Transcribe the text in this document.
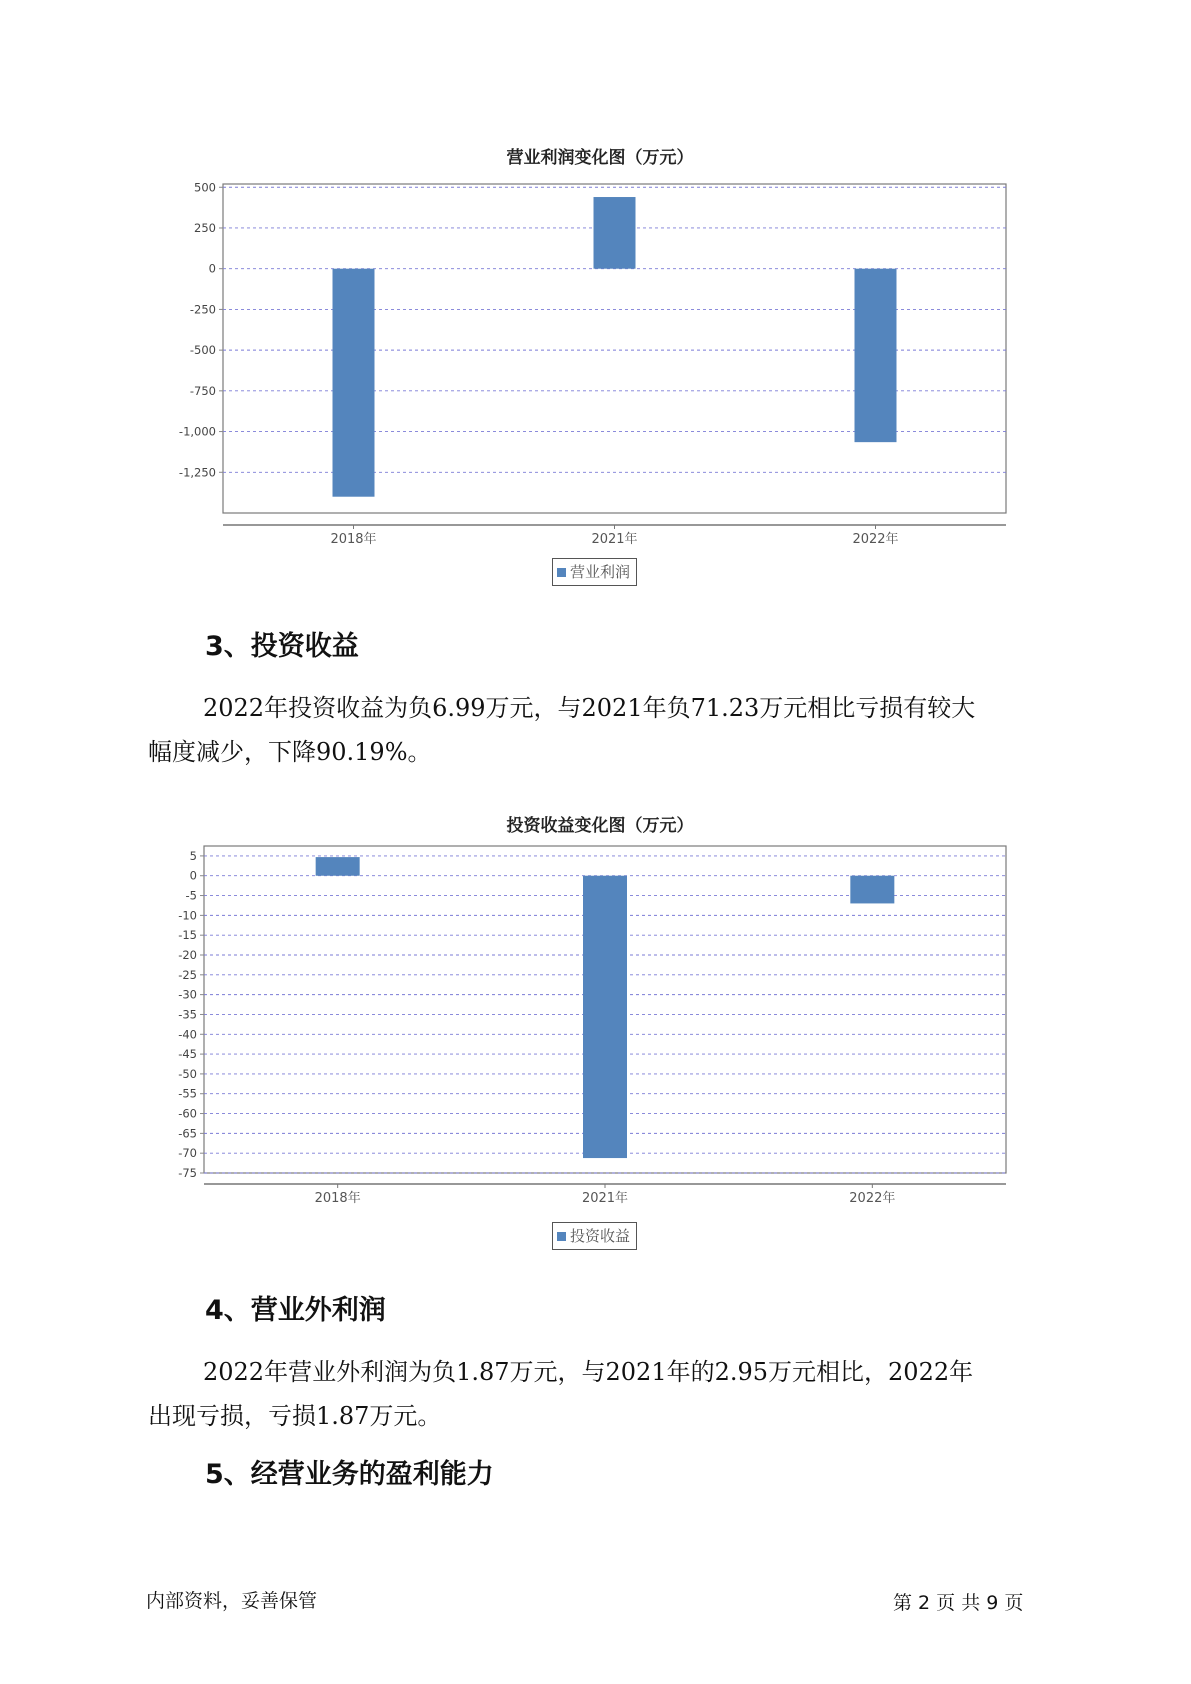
营业利润变化图（万元）
500
250
0
-250
-500
-750
-1,000
-1,250
2018年	2021年	2022年
营业利润
3、投资收益
2022年投资收益为负6.99万元，与2021年负71.23万元相比亏损有较大
幅度减少，下降90.19%。
投资收益变化图（万元）
5
0
-5
-10
-15
-20
-25
-30
-35
-40
-45
-50
-55
-60
-65
-70
-75
2018年	2021年	2022年
投资收益
4、营业外利润
2022年营业外利润为负1.87万元，与2021年的2.95万元相比，2022年
出现亏损，亏损1.87万元。
5、经营业务的盈利能力
内部资料，妥善保管	第 2 页 共 9 页
